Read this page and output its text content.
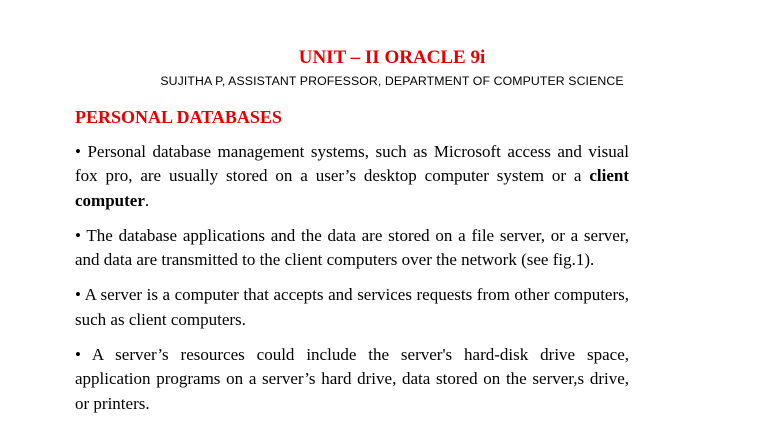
UNIT – II ORACLE 9i
SUJITHA P, ASSISTANT PROFESSOR, DEPARTMENT OF COMPUTER SCIENCE
PERSONAL DATABASES

• Personal database management systems, such as Microsoft access and visual fox pro, are usually stored on a user’s desktop computer system or a client computer.

• The database applications and the data are stored on a file server, or a server, and data are transmitted to the client computers over the network (see fig.1).

• A server is a computer that accepts and services requests from other computers, such as client computers.

• A server’s resources could include the server's hard-disk drive space, application programs on a server’s hard drive, data stored on the server,s drive, or printers.
